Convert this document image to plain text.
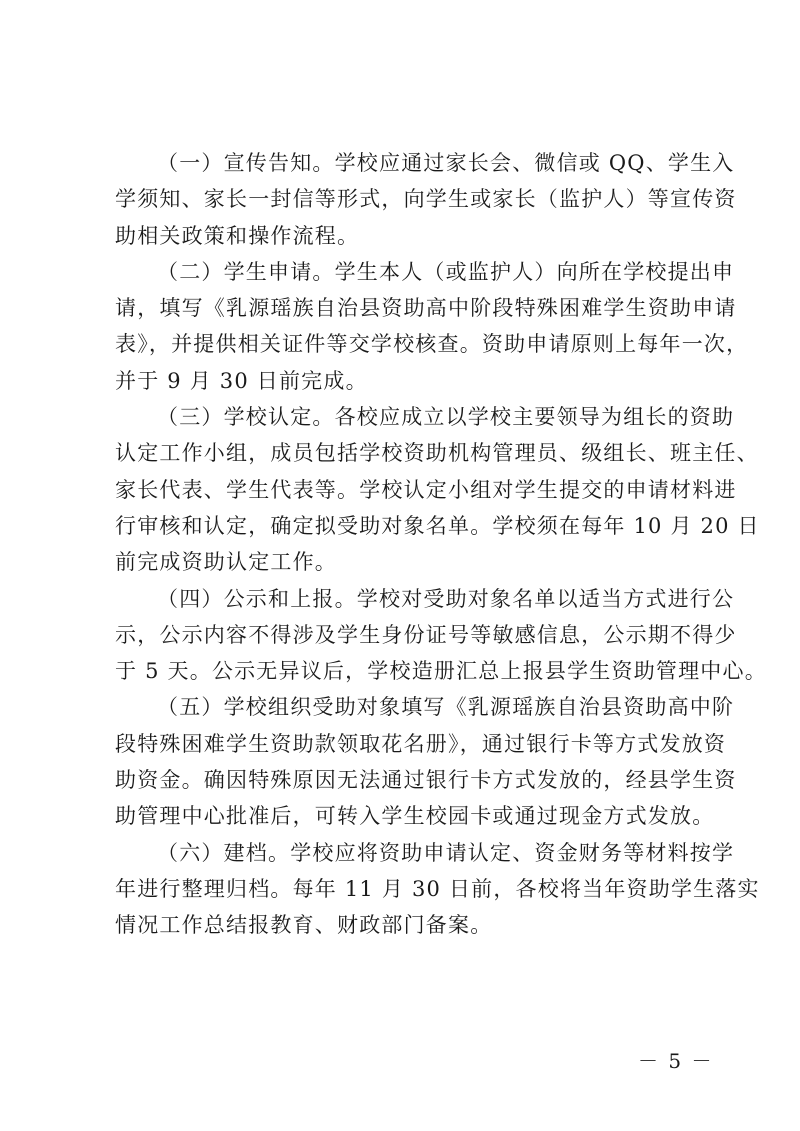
（一）宣传告知。学校应通过家长会、微信或 QQ、学生入
学须知、家长一封信等形式，向学生或家长（监护人）等宣传资
助相关政策和操作流程。
（二）学生申请。学生本人（或监护人）向所在学校提出申
请，填写《乳源瑶族自治县资助高中阶段特殊困难学生资助申请
表》，并提供相关证件等交学校核查。资助申请原则上每年一次，
并于 9 月 30 日前完成。
（三）学校认定。各校应成立以学校主要领导为组长的资助
认定工作小组，成员包括学校资助机构管理员、级组长、班主任、
家长代表、学生代表等。学校认定小组对学生提交的申请材料进
行审核和认定，确定拟受助对象名单。学校须在每年 10 月 20 日
前完成资助认定工作。
（四）公示和上报。学校对受助对象名单以适当方式进行公
示，公示内容不得涉及学生身份证号等敏感信息，公示期不得少
于 5 天。公示无异议后，学校造册汇总上报县学生资助管理中心。
（五）学校组织受助对象填写《乳源瑶族自治县资助高中阶
段特殊困难学生资助款领取花名册》，通过银行卡等方式发放资
助资金。确因特殊原因无法通过银行卡方式发放的，经县学生资
助管理中心批准后，可转入学生校园卡或通过现金方式发放。
（六）建档。学校应将资助申请认定、资金财务等材料按学
年进行整理归档。每年 11 月 30 日前，各校将当年资助学生落实
情况工作总结报教育、财政部门备案。
－ 5 －
